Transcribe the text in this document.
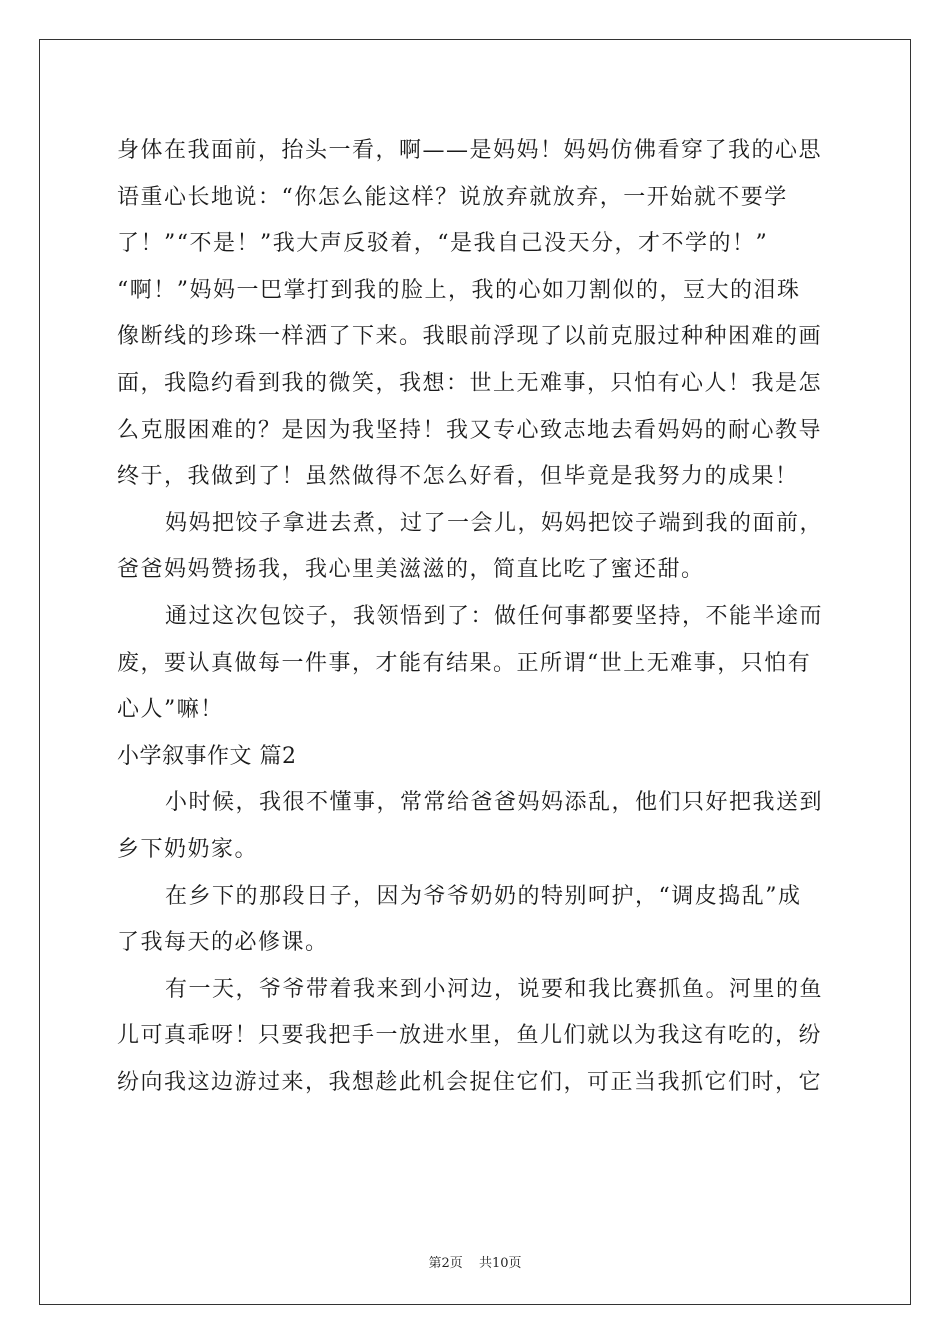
身体在我面前，抬头一看，啊——是妈妈！妈妈仿佛看穿了我的心思
语重心长地说：“你怎么能这样？说放弃就放弃，一开始就不要学
了！”“不是！”我大声反驳着，“是我自己没天分，才不学的！”
“啊！”妈妈一巴掌打到我的脸上，我的心如刀割似的，豆大的泪珠
像断线的珍珠一样洒了下来。我眼前浮现了以前克服过种种困难的画
面，我隐约看到我的微笑，我想：世上无难事，只怕有心人！我是怎
么克服困难的？是因为我坚持！我又专心致志地去看妈妈的耐心教导
终于，我做到了！虽然做得不怎么好看，但毕竟是我努力的成果！
妈妈把饺子拿进去煮，过了一会儿，妈妈把饺子端到我的面前，
爸爸妈妈赞扬我，我心里美滋滋的，简直比吃了蜜还甜。
通过这次包饺子，我领悟到了：做任何事都要坚持，不能半途而
废，要认真做每一件事，才能有结果。正所谓“世上无难事，只怕有
心人”嘛！
小学叙事作文 篇2
小时候，我很不懂事，常常给爸爸妈妈添乱，他们只好把我送到
乡下奶奶家。
在乡下的那段日子，因为爷爷奶奶的特别呵护，“调皮捣乱”成
了我每天的必修课。
有一天，爷爷带着我来到小河边，说要和我比赛抓鱼。河里的鱼
儿可真乖呀！只要我把手一放进水里，鱼儿们就以为我这有吃的，纷
纷向我这边游过来，我想趁此机会捉住它们，可正当我抓它们时，它
第2页 共10页
